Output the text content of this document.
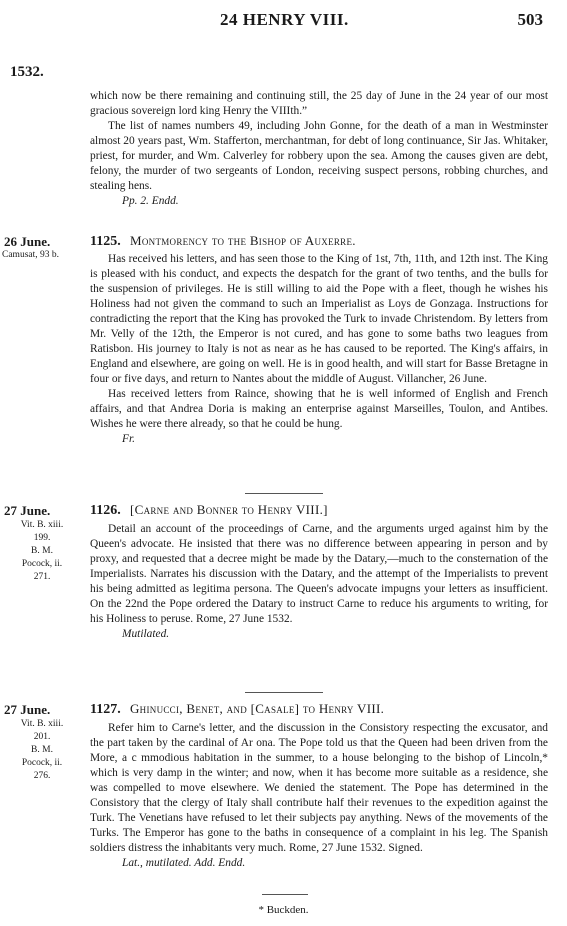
24 HENRY VIII.	503
1532.

which now be there remaining and continuing still, the 25 day of June in the 24 year of our most gracious sovereign lord king Henry the VIIIth.”

The list of names numbers 49, including John Gonne, for the death of a man in Westminster almost 20 years past, Wm. Stafferton, merchantman, for debt of long continuance, Sir Jas. Whitaker, priest, for murder, and Wm. Calverley for robbery upon the sea. Among the causes given are debt, felony, the murder of two sergeants of London, receiving suspect persons, robbing churches, and stealing hens.

Pp. 2. Endd.

26 June.
Camusat, 93 b.
1125. Montmorency to the Bishop of Auxerre.

Has received his letters, and has seen those to the King of 1st, 7th, 11th, and 12th inst. The King is pleased with his conduct, and expects the despatch for the grant of two tenths, and the bulls for the suspension of privileges. He is still willing to aid the Pope with a fleet, though he wishes his Holiness had not given the command to such an Imperialist as Loys de Gonzaga. Instructions for contradicting the report that the King has provoked the Turk to invade Christendom. By letters from Mr. Velly of the 12th, the Emperor is not cured, and has gone to some baths two leagues from Ratisbon. His journey to Italy is not as near as he has caused to be reported. The King's affairs, in England and elsewhere, are going on well. He is in good health, and will start for Basse Bretagne in four or five days, and return to Nantes about the middle of August. Villancher, 26 June.

Has received letters from Raince, showing that he is well informed of English and French affairs, and that Andrea Doria is making an enterprise against Marseilles, Toulon, and Antibes. Wishes he were there already, so that he could be hung.

Fr.

27 June.
Vit. B. xiii.
199.
B. M.
Pocock, ii.
271.
1126. [Carne and Bonner to Henry VIII.]

Detail an account of the proceedings of Carne, and the arguments urged against him by the Queen's advocate. He insisted that there was no difference between appearing in person and by proxy, and requested that a decree might be made by the Datary,—much to the consternation of the Imperialists. Narrates his discussion with the Datary, and the attempt of the Imperialists to prevent his being admitted as legitima persona. The Queen's advocate impugns your letters as insufficient. On the 22nd the Pope ordered the Datary to instruct Carne to reduce his arguments to writing, for his Holiness to peruse. Rome, 27 June 1532.

Mutilated.

27 June.
Vit. B. xiii.
201.
B. M.
Pocock, ii.
276.
1127. Ghinucci, Benet, and [Casale] to Henry VIII.

Refer him to Carne's letter, and the discussion in the Consistory respecting the excusator, and the part taken by the cardinal of Ar ona. The Pope told us that the Queen had been driven from the More, a c mmodious habitation in the summer, to a house belonging to the bishop of Lincoln,* which is very damp in the winter; and now, when it has become more suitable as a residence, she was compelled to move elsewhere. We denied the statement. The Pope has determined in the Consistory that the clergy of Italy shall contribute half their revenues to the expedition against the Turk. The Venetians have refused to let their subjects pay anything. News of the movements of the Turks. The Emperor has gone to the baths in consequence of a complaint in his leg. The Spanish soldiers distress the inhabitants very much. Rome, 27 June 1532. Signed.

Lat., mutilated. Add. Endd.

* Buckden.
